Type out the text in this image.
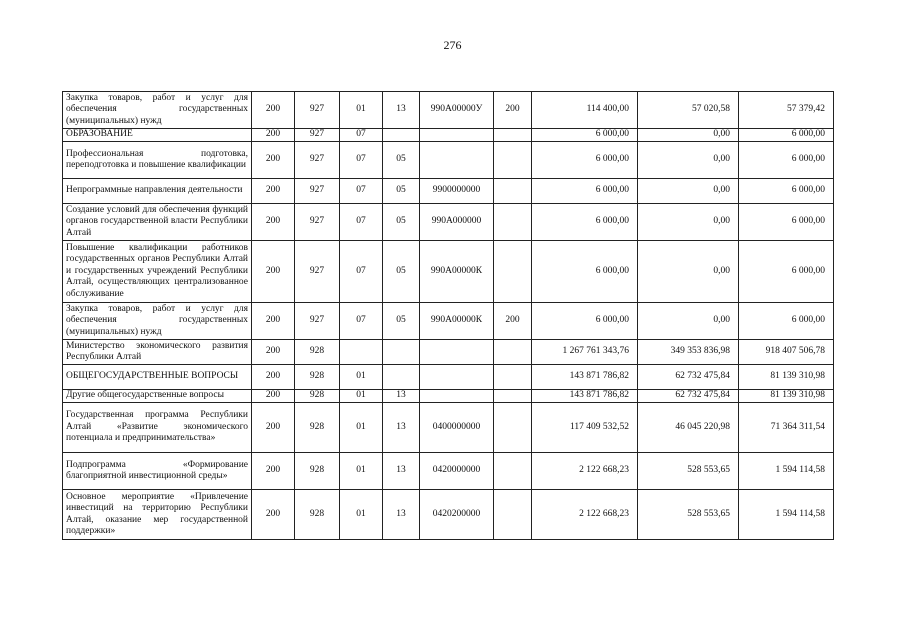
276
Закупка товаров, работ и услуг для обеспечения государственных (муниципальных) нужд	200	927	01	13	990А00000У	200	114 400,00	57 020,58	57 379,42
ОБРАЗОВАНИЕ	200	927	07				6 000,00	0,00	6 000,00
Профессиональная подготовка, переподготовка и повышение квалификации	200	927	07	05			6 000,00	0,00	6 000,00
Непрограммные направления деятельности	200	927	07	05	9900000000		6 000,00	0,00	6 000,00
Создание условий для обеспечения функций органов государственной власти Республики Алтай	200	927	07	05	990А000000		6 000,00	0,00	6 000,00
Повышение квалификации работников государственных органов Республики Алтай и государственных учреждений Республики Алтай, осуществляющих централизованное обслуживание	200	927	07	05	990А00000К		6 000,00	0,00	6 000,00
Закупка товаров, работ и услуг для обеспечения государственных (муниципальных) нужд	200	927	07	05	990А00000К	200	6 000,00	0,00	6 000,00
Министерство экономического развития Республики Алтай	200	928					1 267 761 343,76	349 353 836,98	918 407 506,78
ОБЩЕГОСУДАРСТВЕННЫЕ ВОПРОСЫ	200	928	01				143 871 786,82	62 732 475,84	81 139 310,98
Другие общегосударственные вопросы	200	928	01	13			143 871 786,82	62 732 475,84	81 139 310,98
Государственная программа Республики Алтай «Развитие экономического потенциала и предпринимательства»	200	928	01	13	0400000000		117 409 532,52	46 045 220,98	71 364 311,54
Подпрограмма «Формирование благоприятной инвестиционной среды»	200	928	01	13	0420000000		2 122 668,23	528 553,65	1 594 114,58
Основное мероприятие «Привлечение инвестиций на территорию Республики Алтай, оказание мер государственной поддержки»	200	928	01	13	0420200000		2 122 668,23	528 553,65	1 594 114,58
